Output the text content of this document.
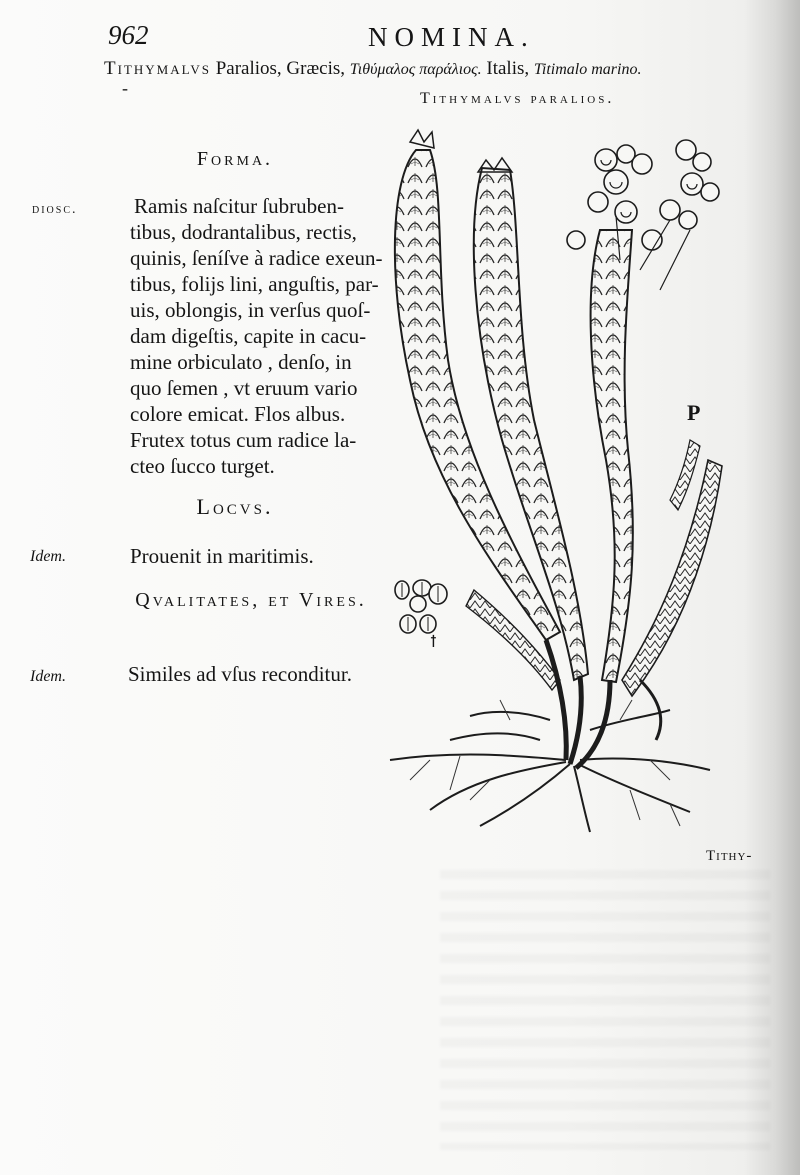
962	NOMINA.
Tithymalvs Paralios, Græcis, Τιθύμαλος παράλιος. Italis, Titimalo marino.
-
Tithymalvs paralios.
Forma.
diosc.	Ramis naſcitur ſubruben-
tibus, dodrantalibus, rectis,
quinis, ſeníſve à radice exeun-
tibus, folijs lini, anguſtis, par-
uis, oblongis, in verſus quoſ-
dam digeſtis, capite in cacu-
mine orbiculato , denſo, in
quo ſemen , vt eruum vario
colore emicat. Flos albus.
Frutex totus cum radice la-
cteo ſucco turget.
Locvs.
Idem.	Prouenit in maritimis.
Qvalitates, et Vires.
Idem.	Similes ad vſus reconditur.
P
ꝉ
Tithy-
